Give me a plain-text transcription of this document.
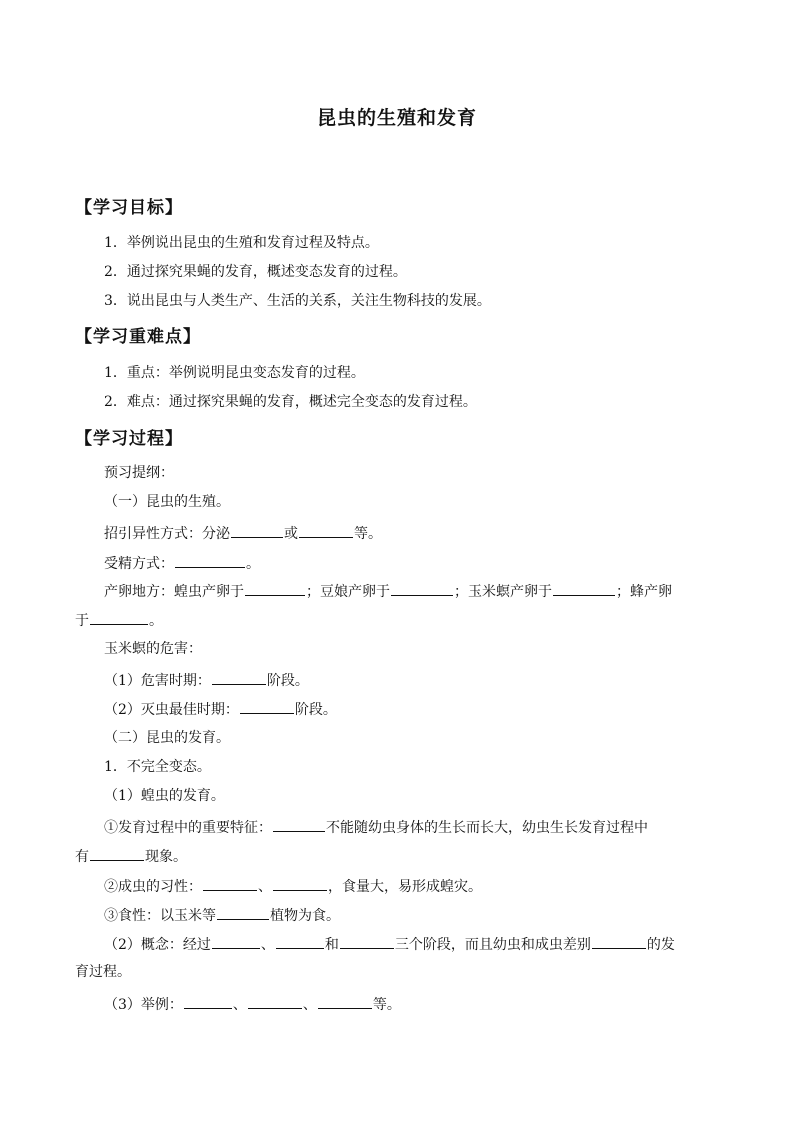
昆虫的生殖和发育
【学习目标】
1．举例说出昆虫的生殖和发育过程及特点。
2．通过探究果蝇的发育，概述变态发育的过程。
3．说出昆虫与人类生产、生活的关系，关注生物科技的发展。
【学习重难点】
1．重点：举例说明昆虫变态发育的过程。
2．难点：通过探究果蝇的发育，概述完全变态的发育过程。
【学习过程】
预习提纲：
（一）昆虫的生殖。
招引异性方式：分泌	或	等。
受精方式：	。
产卵地方：蝗虫产卵于	；豆娘产卵于	；玉米螟产卵于	；蜂产卵
于	。
玉米螟的危害：
（1）危害时期：	阶段。
（2）灭虫最佳时期：	阶段。
（二）昆虫的发育。
1．不完全变态。
（1）蝗虫的发育。
①发育过程中的重要特征：	不能随幼虫身体的生长而长大，幼虫生长发育过程中
有	现象。
②成虫的习性：	、	，食量大，易形成蝗灾。
③食性：以玉米等	植物为食。
（2）概念：经过	、	和	三个阶段，而且幼虫和成虫差别	的发
育过程。
（3）举例：	、	、	等。
